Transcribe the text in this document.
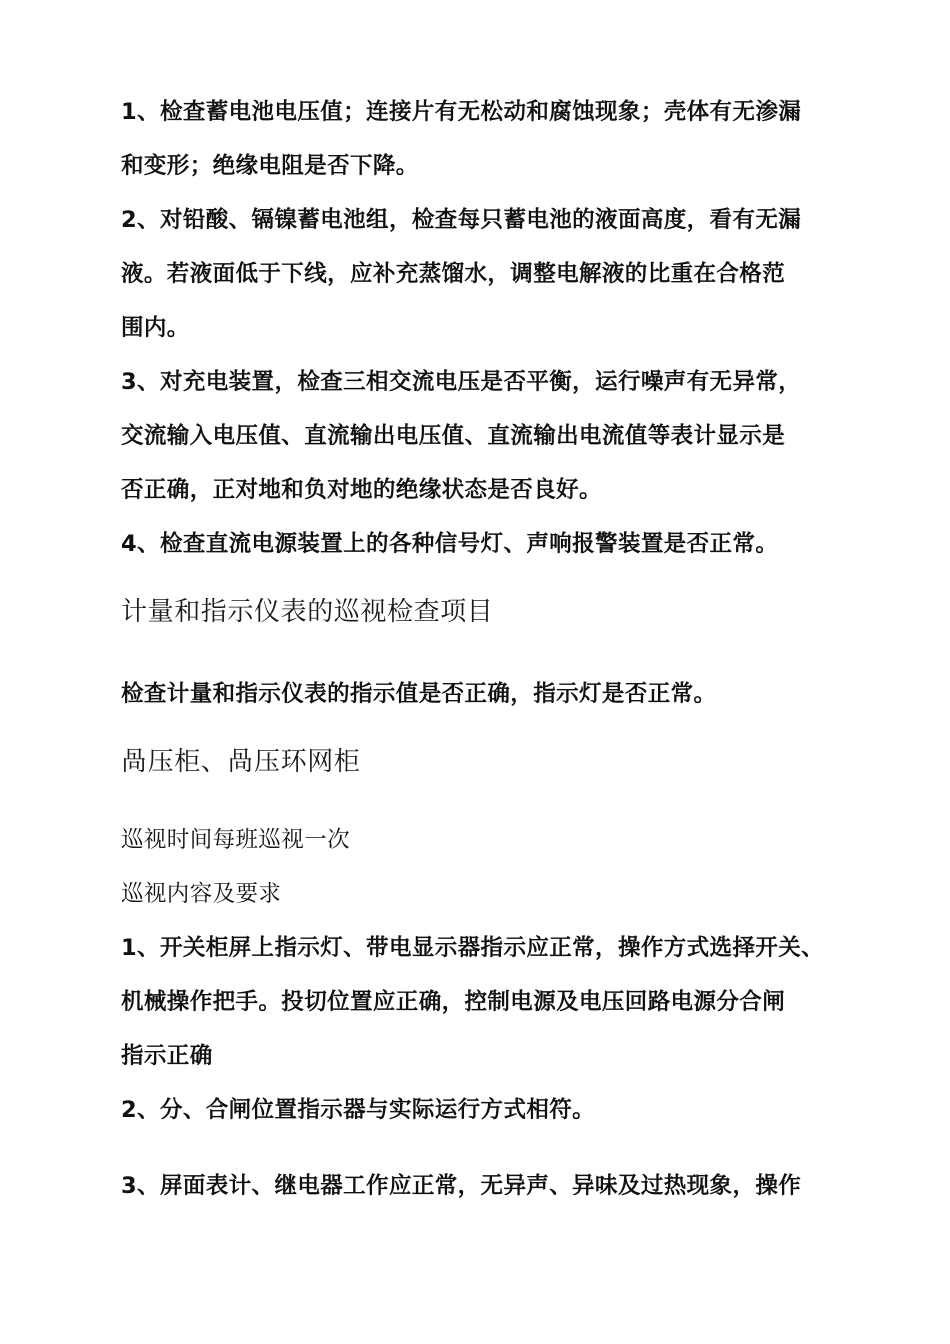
1、检查蓄电池电压值；连接片有无松动和腐蚀现象；壳体有无渗漏
和变形；绝缘电阻是否下降。
2、对铅酸、镉镍蓄电池组，检查每只蓄电池的液面高度，看有无漏
液。若液面低于下线，应补充蒸馏水，调整电解液的比重在合格范
围内。
3、对充电装置，检查三相交流电压是否平衡，运行噪声有无异常，
交流输入电压值、直流输出电压值、直流输出电流值等表计显示是
否正确，正对地和负对地的绝缘状态是否良好。
4、检查直流电源装置上的各种信号灯、声响报警装置是否正常。
计量和指示仪表的巡视检查项目
检查计量和指示仪表的指示值是否正确，指示灯是否正常。
咼压柜、咼压环网柜
巡视时间每班巡视一次
巡视内容及要求
1、开关柜屏上指示灯、带电显示器指示应正常，操作方式选择开关、
机械操作把手。投切位置应正确，控制电源及电压回路电源分合闸
指示正确
2、分、合闸位置指示器与实际运行方式相符。
3、屏面表计、继电器工作应正常，无异声、异味及过热现象，操作
